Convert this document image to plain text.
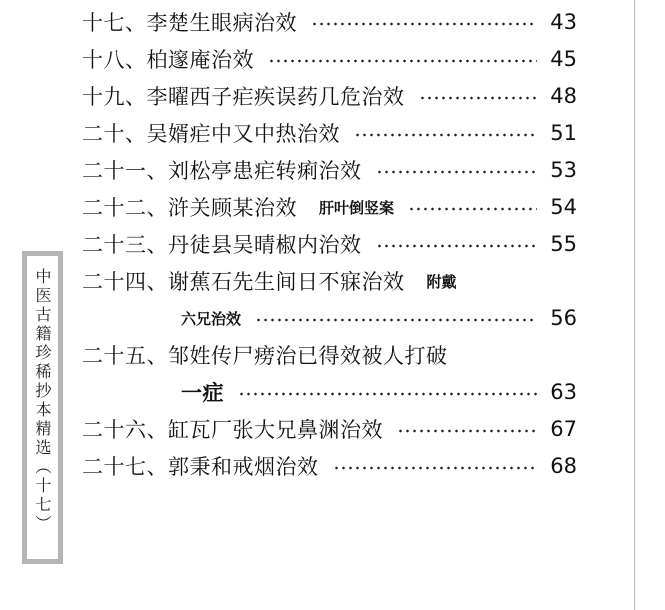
十七、李楚生眼病治效	43
十八、柏邃庵治效	45
十九、李曜西子疟疾误药几危治效	48
二十、吴婿疟中又中热治效	51
二十一、刘松亭患疟转痢治效	53
二十二、浒关顾某治效 肝叶倒竖案	54
二十三、丹徒县吴晴椒内治效	55
二十四、谢蕉石先生间日不寐治效 附戴
六兄治效	56
二十五、邹姓传尸痨治已得效被人打破
一症	63
二十六、缸瓦厂张大兄鼻渊治效	67
二十七、郭秉和戒烟治效	68
中医古籍珍稀抄本精选（十七）
